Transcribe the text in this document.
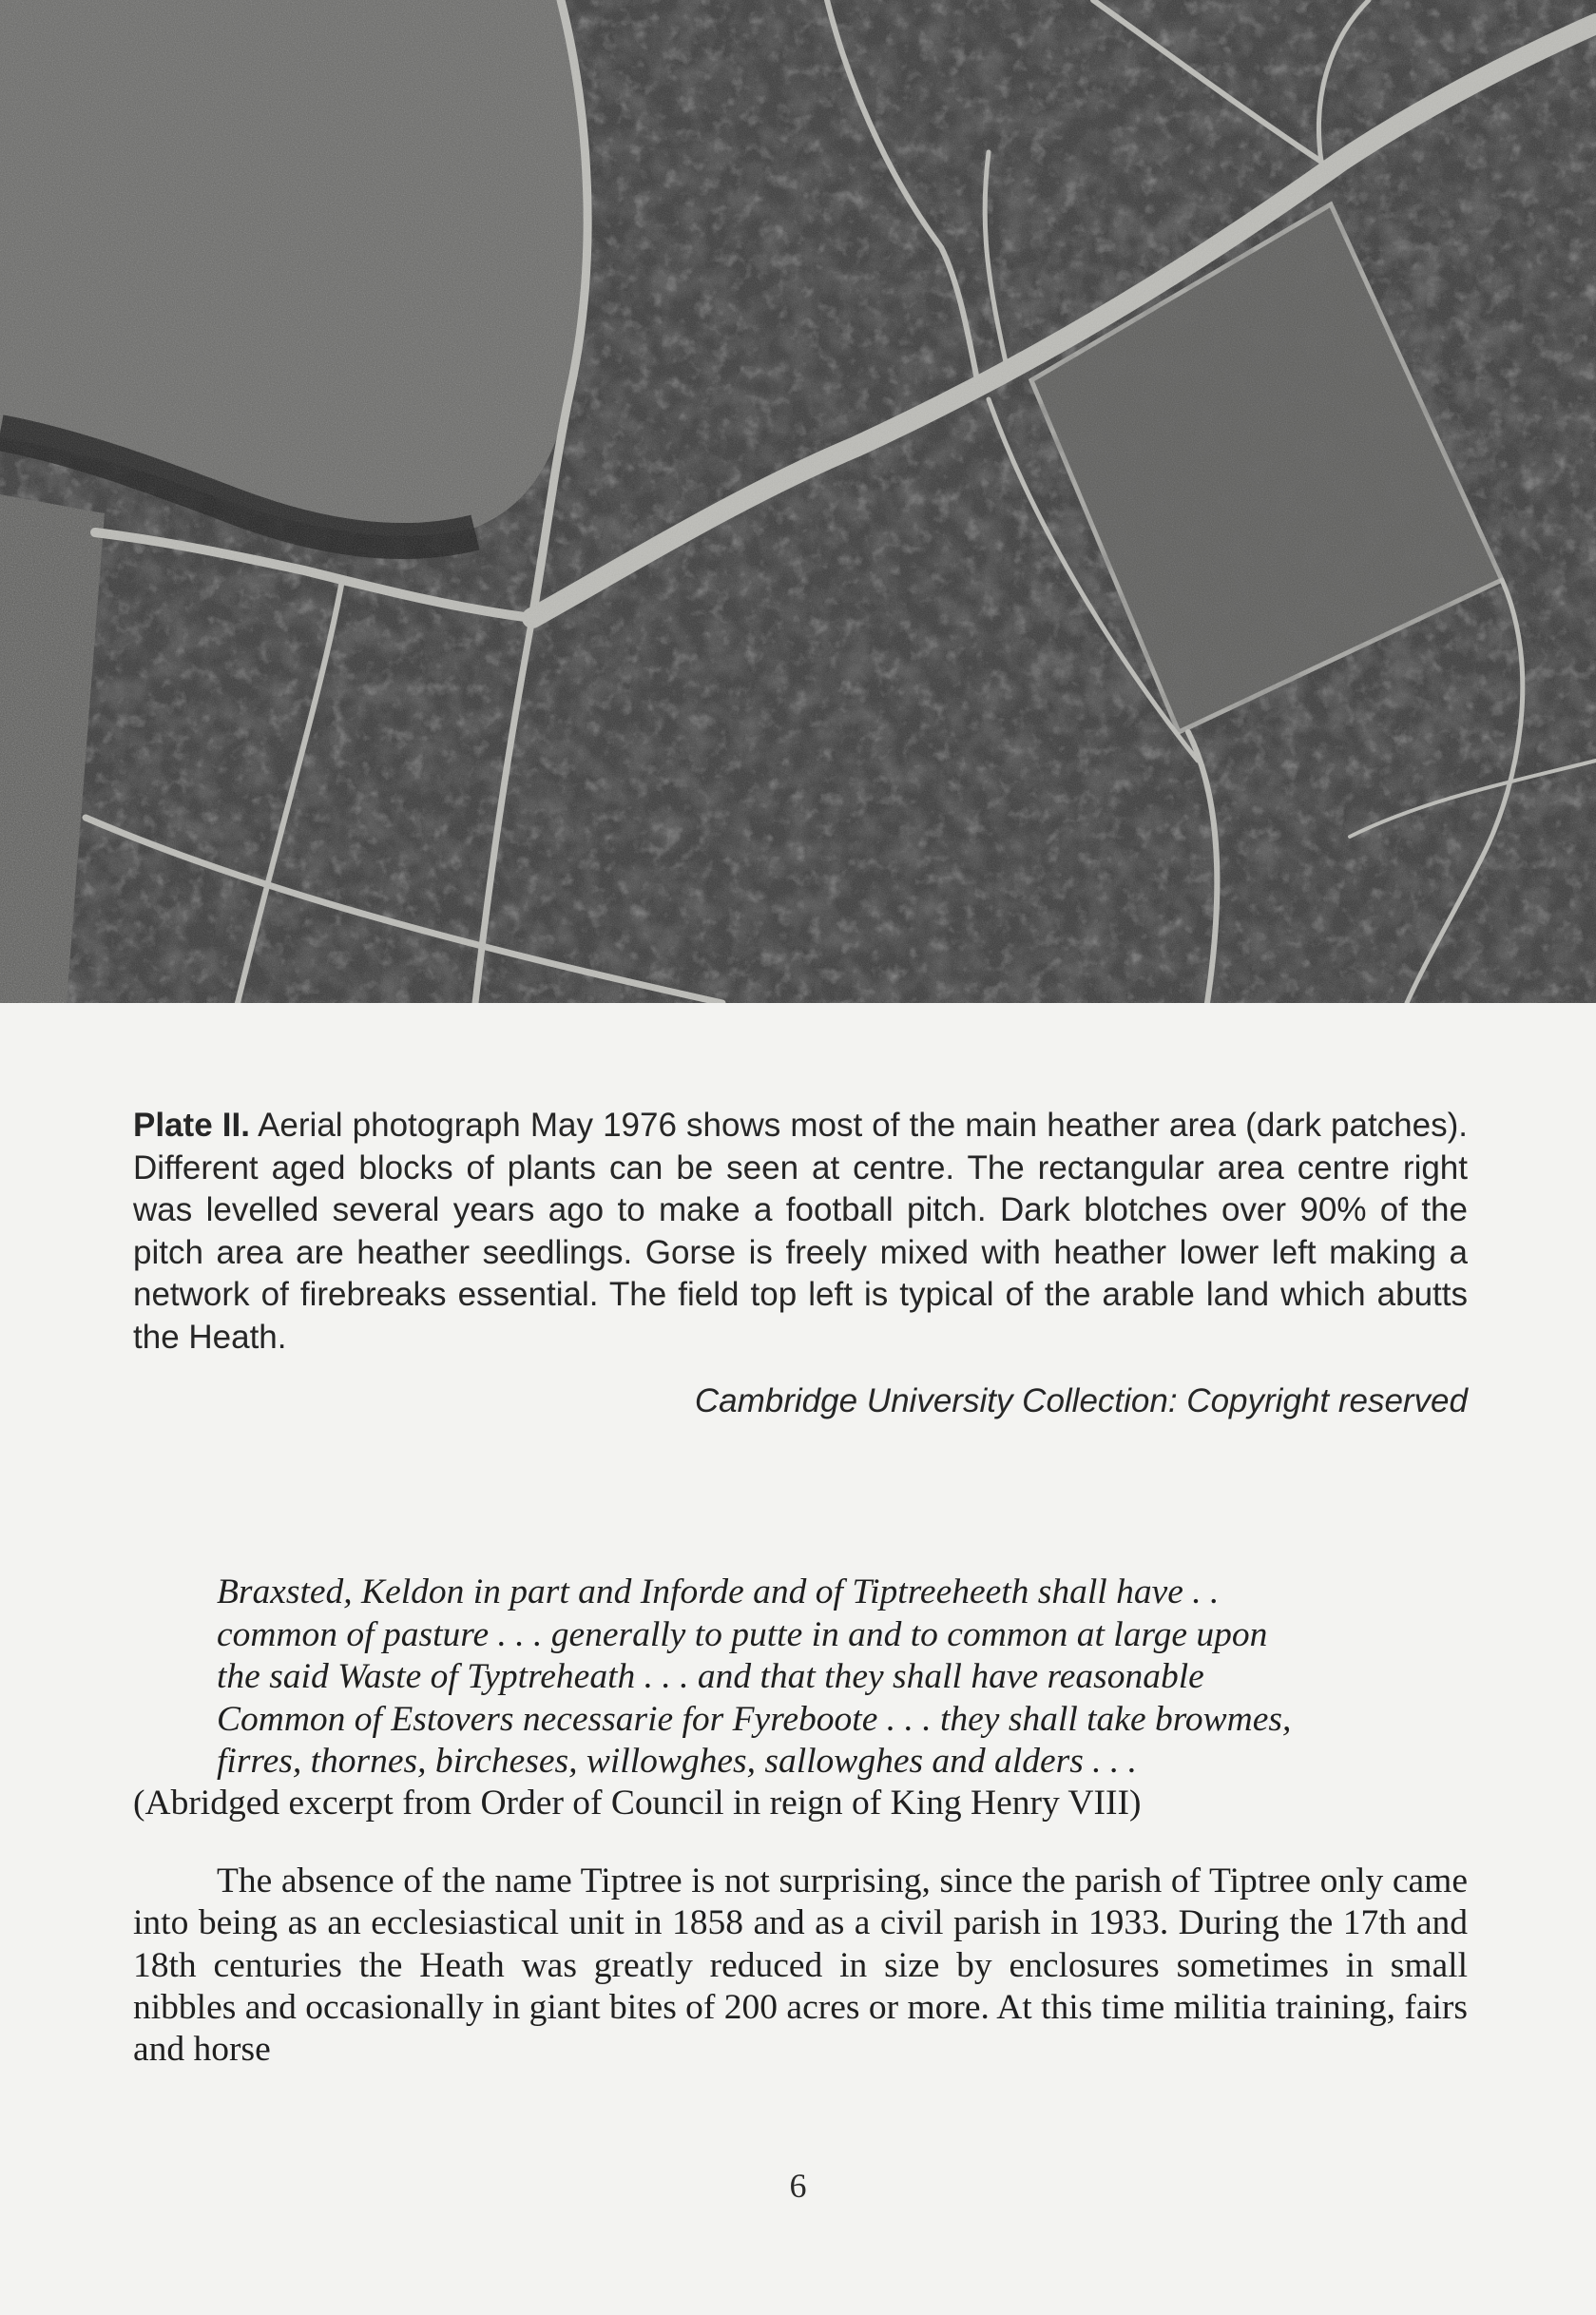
Plate II. Aerial photograph May 1976 shows most of the main heather area (dark patches). Different aged blocks of plants can be seen at centre. The rectangular area centre right was levelled several years ago to make a football pitch. Dark blotches over 90% of the pitch area are heather seedlings. Gorse is freely mixed with heather lower left making a network of firebreaks essential. The field top left is typical of the arable land which abutts the Heath.
Cambridge University Collection: Copyright reserved
Braxsted, Keldon in part and Inforde and of Tiptreeheeth shall have . .
common of pasture . . . generally to putte in and to common at large upon
the said Waste of Typtreheath . . . and that they shall have reasonable
Common of Estovers necessarie for Fyreboote . . . they shall take browmes,
firres, thornes, bircheses, willowghes, sallowghes and alders . . .
(Abridged excerpt from Order of Council in reign of King Henry VIII)
The absence of the name Tiptree is not surprising, since the parish of Tiptree only came into being as an ecclesiastical unit in 1858 and as a civil parish in 1933. During the 17th and 18th centuries the Heath was greatly reduced in size by enclosures sometimes in small nibbles and occasionally in giant bites of 200 acres or more. At this time militia training, fairs and horse
6
